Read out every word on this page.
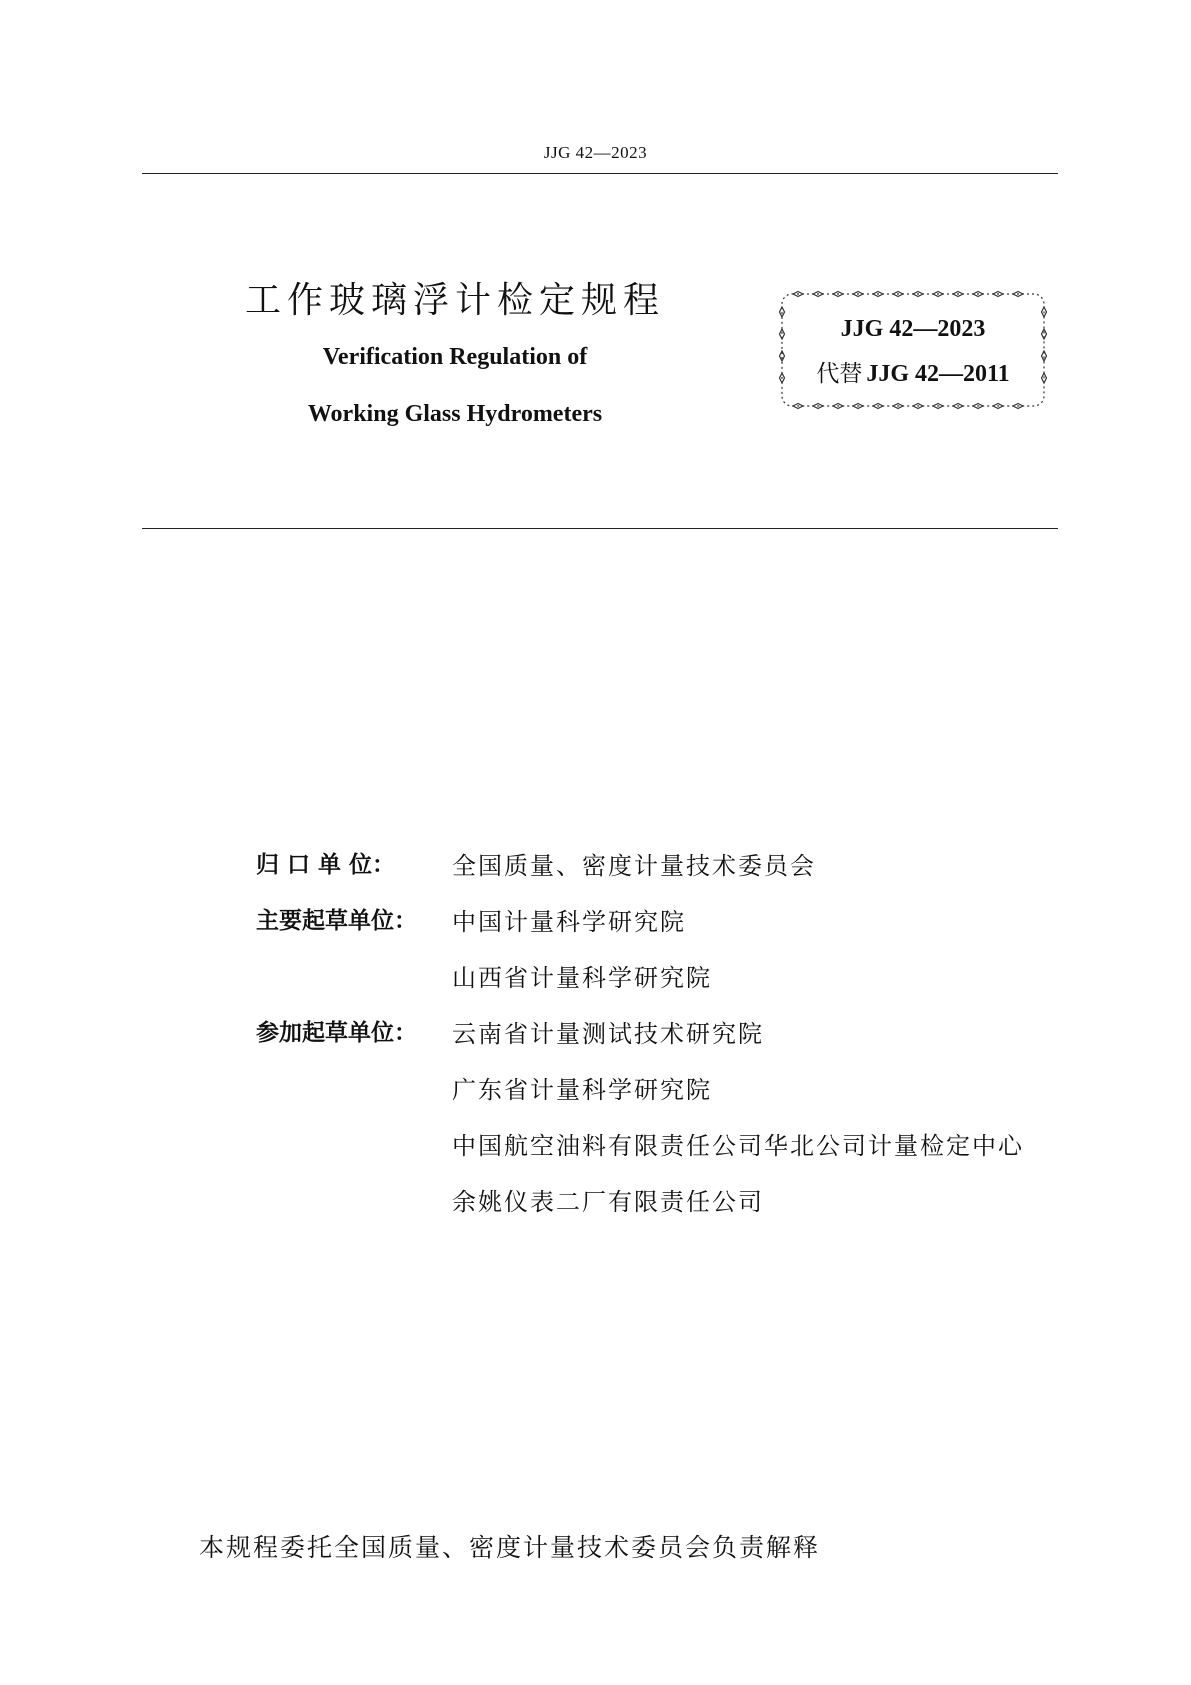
JJG 42—2023
工作玻璃浮计检定规程
Verification Regulation of
Working Glass Hydrometers
JJG 42—2023
代替 JJG 42—2011
归 口 单 位：	全国质量、密度计量技术委员会
主要起草单位：	中国计量科学研究院
山西省计量科学研究院
参加起草单位：	云南省计量测试技术研究院
广东省计量科学研究院
中国航空油料有限责任公司华北公司计量检定中心
余姚仪表二厂有限责任公司
本规程委托全国质量、密度计量技术委员会负责解释
